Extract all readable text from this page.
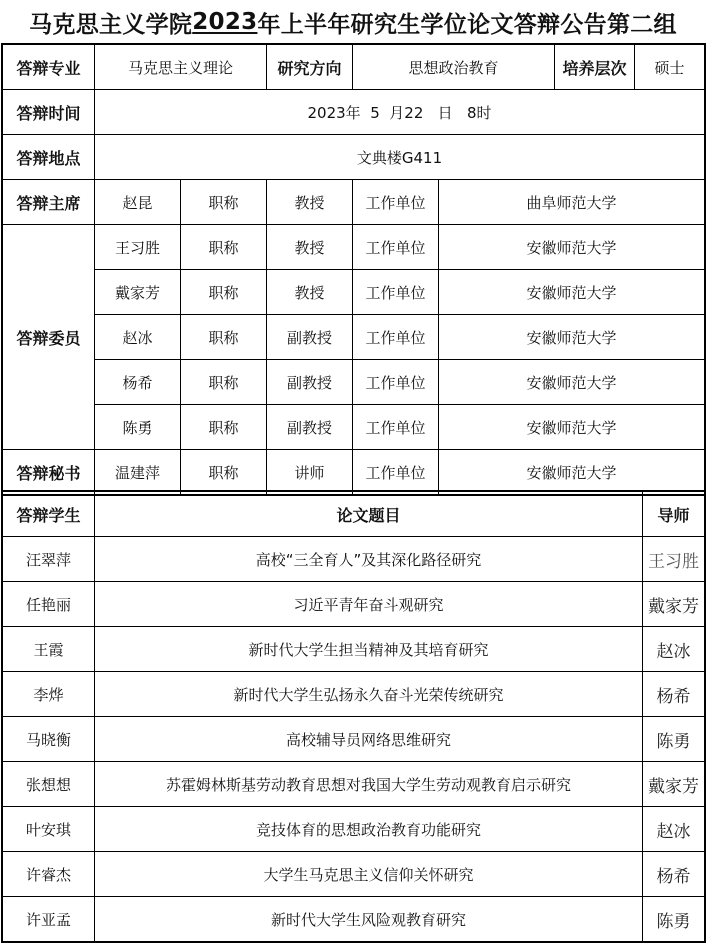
马克思主义学院 2023 年上半年研究生学位论文答辩公告第二组
答辩专业	马克思主义理论		研究方向	思想政治教育		培养层次	硕士
答辩时间	2023年  5  月22   日   8时						
答辩地点	文典楼G411						
答辩主席	赵昆	职称	教授	工作单位	曲阜师范大学		
答辩委员	王习胜	职称	教授	工作单位	安徽师范大学		
	戴家芳	职称	教授	工作单位	安徽师范大学		
	赵冰	职称	副教授	工作单位	安徽师范大学		
	杨希	职称	副教授	工作单位	安徽师范大学		
	陈勇	职称	副教授	工作单位	安徽师范大学		
答辩秘书	温建萍	职称	讲师	工作单位	安徽师范大学		
答辩学生	论文题目	导师
汪翠萍	高校“三全育人”及其深化路径研究	王习胜
任艳丽	习近平青年奋斗观研究	戴家芳
王霞	新时代大学生担当精神及其培育研究	赵冰
李烨	新时代大学生弘扬永久奋斗光荣传统研究	杨希
马晓衡	高校辅导员网络思维研究	陈勇
张想想	苏霍姆林斯基劳动教育思想对我国大学生劳动观教育启示研究	戴家芳
叶安琪	竞技体育的思想政治教育功能研究	赵冰
许睿杰	大学生马克思主义信仰关怀研究	杨希
许亚孟	新时代大学生风险观教育研究	陈勇
